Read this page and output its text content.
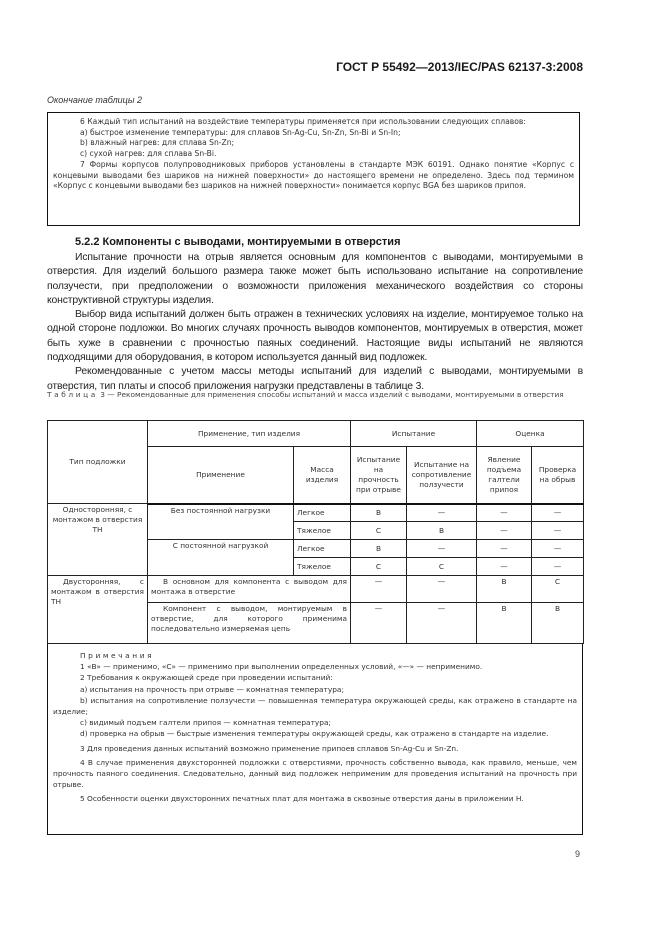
ГОСТ Р 55492—2013/IEC/PAS 62137-3:2008
Окончание таблицы 2

6 Каждый тип испытаний на воздействие температуры применяется при использовании следующих сплавов:

a) быстрое изменение температуры: для сплавов Sn-Ag-Cu, Sn-Zn, Sn-Bi и Sn-In;

b) влажный нагрев: для сплава Sn-Zn;

c) сухой нагрев: для сплава Sn-Bi.

7 Формы корпусов полупроводниковых приборов установлены в стандарте МЭК 60191. Однако понятие «Корпус с концевыми выводами без шариков на нижней поверхности» до настоящего времени не определено. Здесь под термином «Корпус с концевыми выводами без шариков на нижней поверхности» понимается корпус BGA без шариков припоя.

5.2.2 Компоненты с выводами, монтируемыми в отверстия

Испытание прочности на отрыв является основным для компонентов с выводами, монтируемыми в отверстия. Для изделий большого размера также может быть использовано испытание на сопротивление ползучести, при предположении о возможности приложения механического воздействия со стороны конструктивной структуры изделия.

Выбор вида испытаний должен быть отражен в технических условиях на изделие, монтируемое только на одной стороне подложки. Во многих случаях прочность выводов компонентов, монтируемых в отверстия, может быть хуже в сравнении с прочностью паяных соединений. Настоящие виды испытаний не являются подходящими для оборудования, в котором используется данный вид подложек.

Рекомендованные с учетом массы методы испытаний для изделий с выводами, монтируемыми в отверстия, тип платы и способ приложения нагрузки представлены в таблице 3.

Таблица 3 — Рекомендованные для применения способы испытаний и масса изделий с выводами, монтируемыми в отверстия
Тип подложки	Применение, тип изделия		Испытание		Оценка	
	Применение	Масса изделия	Испытание на прочность при отрыве	Испытание на сопротивление ползучести	Явление подъема галтели припоя	Проверка на обрыв
Односторонняя, с монтажом в отверстия ТН	Без постоянной нагрузки	Легкое	B	—	—	—
		Тяжелое	C	B	—	—
	С постоянной нагрузкой	Легкое	B	—	—	—
		Тяжелое	C	C	—	—
Двусторонняя, с монтажом в отверстия ТН	В основном для компонента с выводом для монтажа в отверстие		—	—	B	C
	Компонент с выводом, монтируемым в отверстие, для которого применима последовательно измеряемая цепь		—	—	B	B

Примечания

1 «B» — применимо, «C» — применимо при выполнении определенных условий, «—» — неприменимо.

2 Требования к окружающей среде при проведении испытаний:

a) испытания на прочность при отрыве — комнатная температура;

b) испытания на сопротивление ползучести — повышенная температура окружающей среды, как отражено в стандарте на изделие;

c) видимый подъем галтели припоя — комнатная температура;

d) проверка на обрыв — быстрые изменения температуры окружающей среды, как отражено в стандарте на изделие.

3 Для проведения данных испытаний возможно применение припоев сплавов Sn-Ag-Cu и Sn-Zn.

4 В случае применения двухсторонней подложки с отверстиями, прочность собственно вывода, как правило, меньше, чем прочность паяного соединения. Следовательно, данный вид подложек неприменим для проведения испытаний на прочность при отрыве.

5 Особенности оценки двухсторонних печатных плат для монтажа в сквозные отверстия даны в приложении Н.

9
